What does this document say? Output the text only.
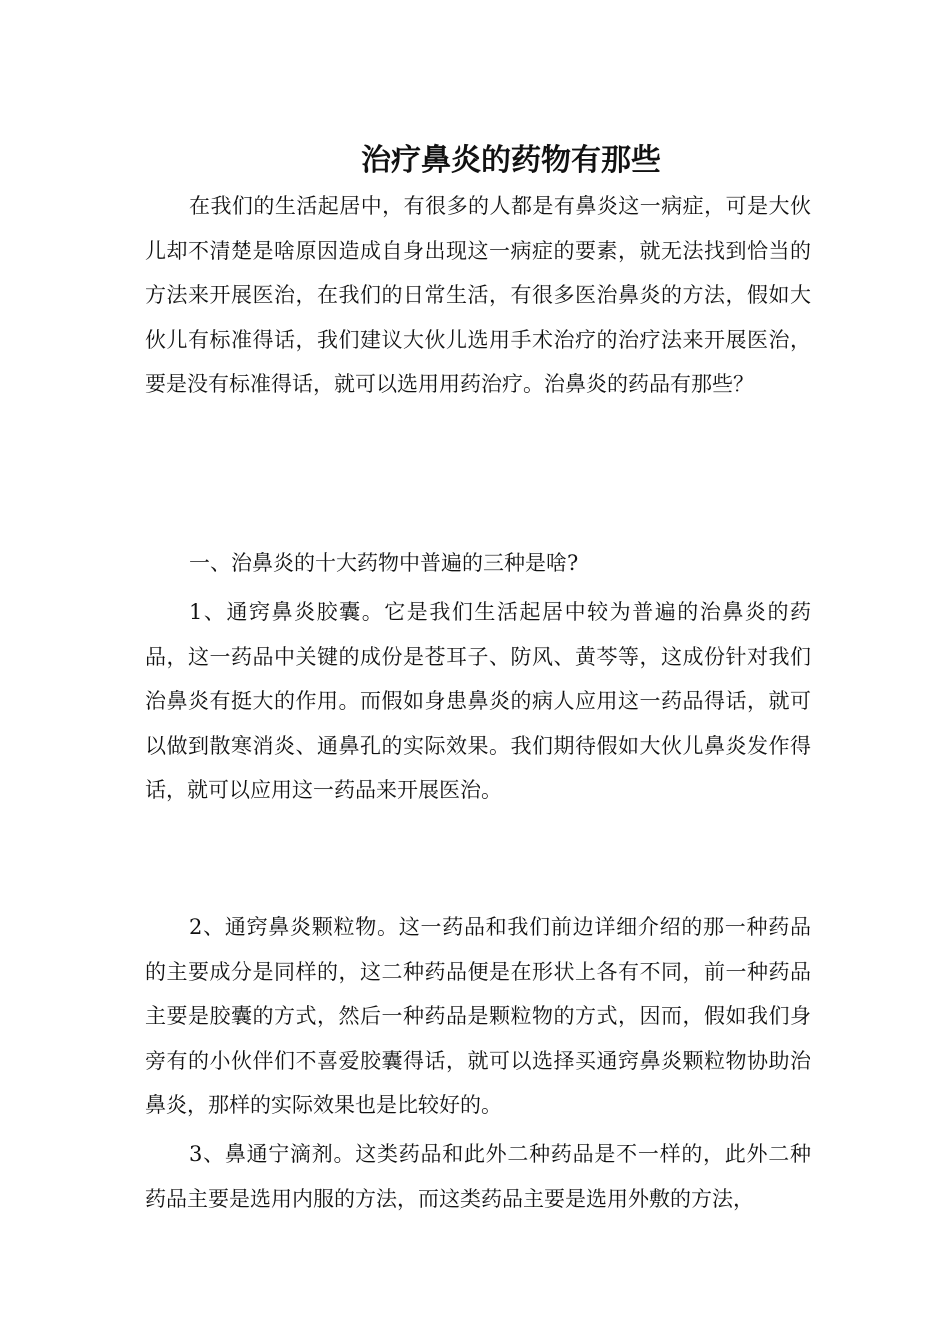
治疗鼻炎的药物有那些

在我们的生活起居中，有很多的人都是有鼻炎这一病症，可是大伙儿却不清楚是啥原因造成自身出现这一病症的要素，就无法找到恰当的方法来开展医治，在我们的日常生活，有很多医治鼻炎的方法，假如大伙儿有标准得话，我们建议大伙儿选用手术治疗的治疗法来开展医治，要是没有标准得话，就可以选用用药治疗。治鼻炎的药品有那些？

一、治鼻炎的十大药物中普遍的三种是啥?

1、通窍鼻炎胶囊。它是我们生活起居中较为普遍的治鼻炎的药品，这一药品中关键的成份是苍耳子、防风、黄芩等，这成份针对我们治鼻炎有挺大的作用。而假如身患鼻炎的病人应用这一药品得话，就可以做到散寒消炎、通鼻孔的实际效果。我们期待假如大伙儿鼻炎发作得话，就可以应用这一药品来开展医治。

2、通窍鼻炎颗粒物。这一药品和我们前边详细介绍的那一种药品的主要成分是同样的，这二种药品便是在形状上各有不同，前一种药品主要是胶囊的方式，然后一种药品是颗粒物的方式，因而，假如我们身旁有的小伙伴们不喜爱胶囊得话，就可以选择买通窍鼻炎颗粒物协助治鼻炎，那样的实际效果也是比较好的。

3、鼻通宁滴剂。这类药品和此外二种药品是不一样的，此外二种药品主要是选用内服的方法，而这类药品主要是选用外敷的方法，
